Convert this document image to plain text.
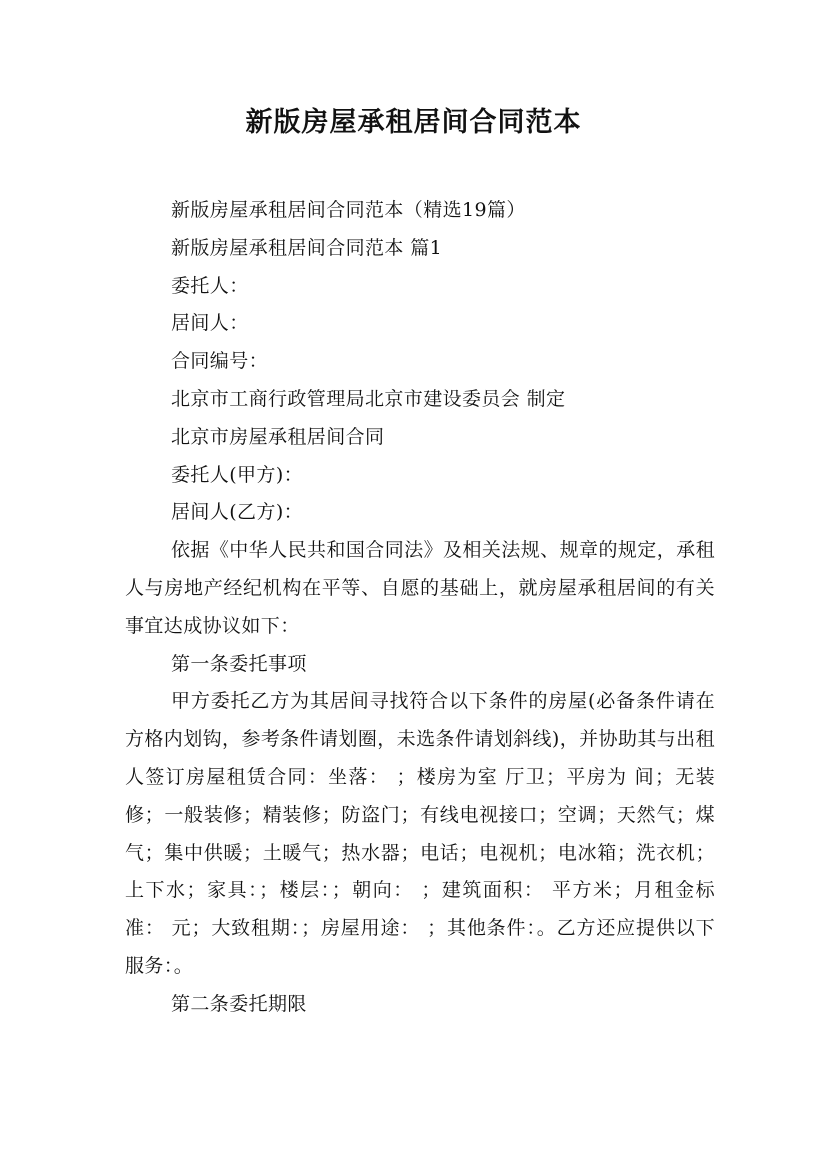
新版房屋承租居间合同范本

新版房屋承租居间合同范本（精选19篇）

新版房屋承租居间合同范本 篇1

委托人：

居间人：

合同编号：

北京市工商行政管理局北京市建设委员会 制定

北京市房屋承租居间合同

委托人(甲方)：

居间人(乙方)：

依据《中华人民共和国合同法》及相关法规、规章的规定，承租人与房地产经纪机构在平等、自愿的基础上，就房屋承租居间的有关事宜达成协议如下：

第一条委托事项

甲方委托乙方为其居间寻找符合以下条件的房屋(必备条件请在方格内划钩，参考条件请划圈，未选条件请划斜线)，并协助其与出租人签订房屋租赁合同：坐落： ；楼房为室 厅卫；平房为 间；无装修；一般装修；精装修；防盗门；有线电视接口；空调；天然气；煤气；集中供暖；土暖气；热水器；电话；电视机；电冰箱；洗衣机；上下水；家具：；楼层：；朝向： ；建筑面积： 平方米；月租金标准： 元；大致租期：；房屋用途： ；其他条件：。乙方还应提供以下服务：。

第二条委托期限
